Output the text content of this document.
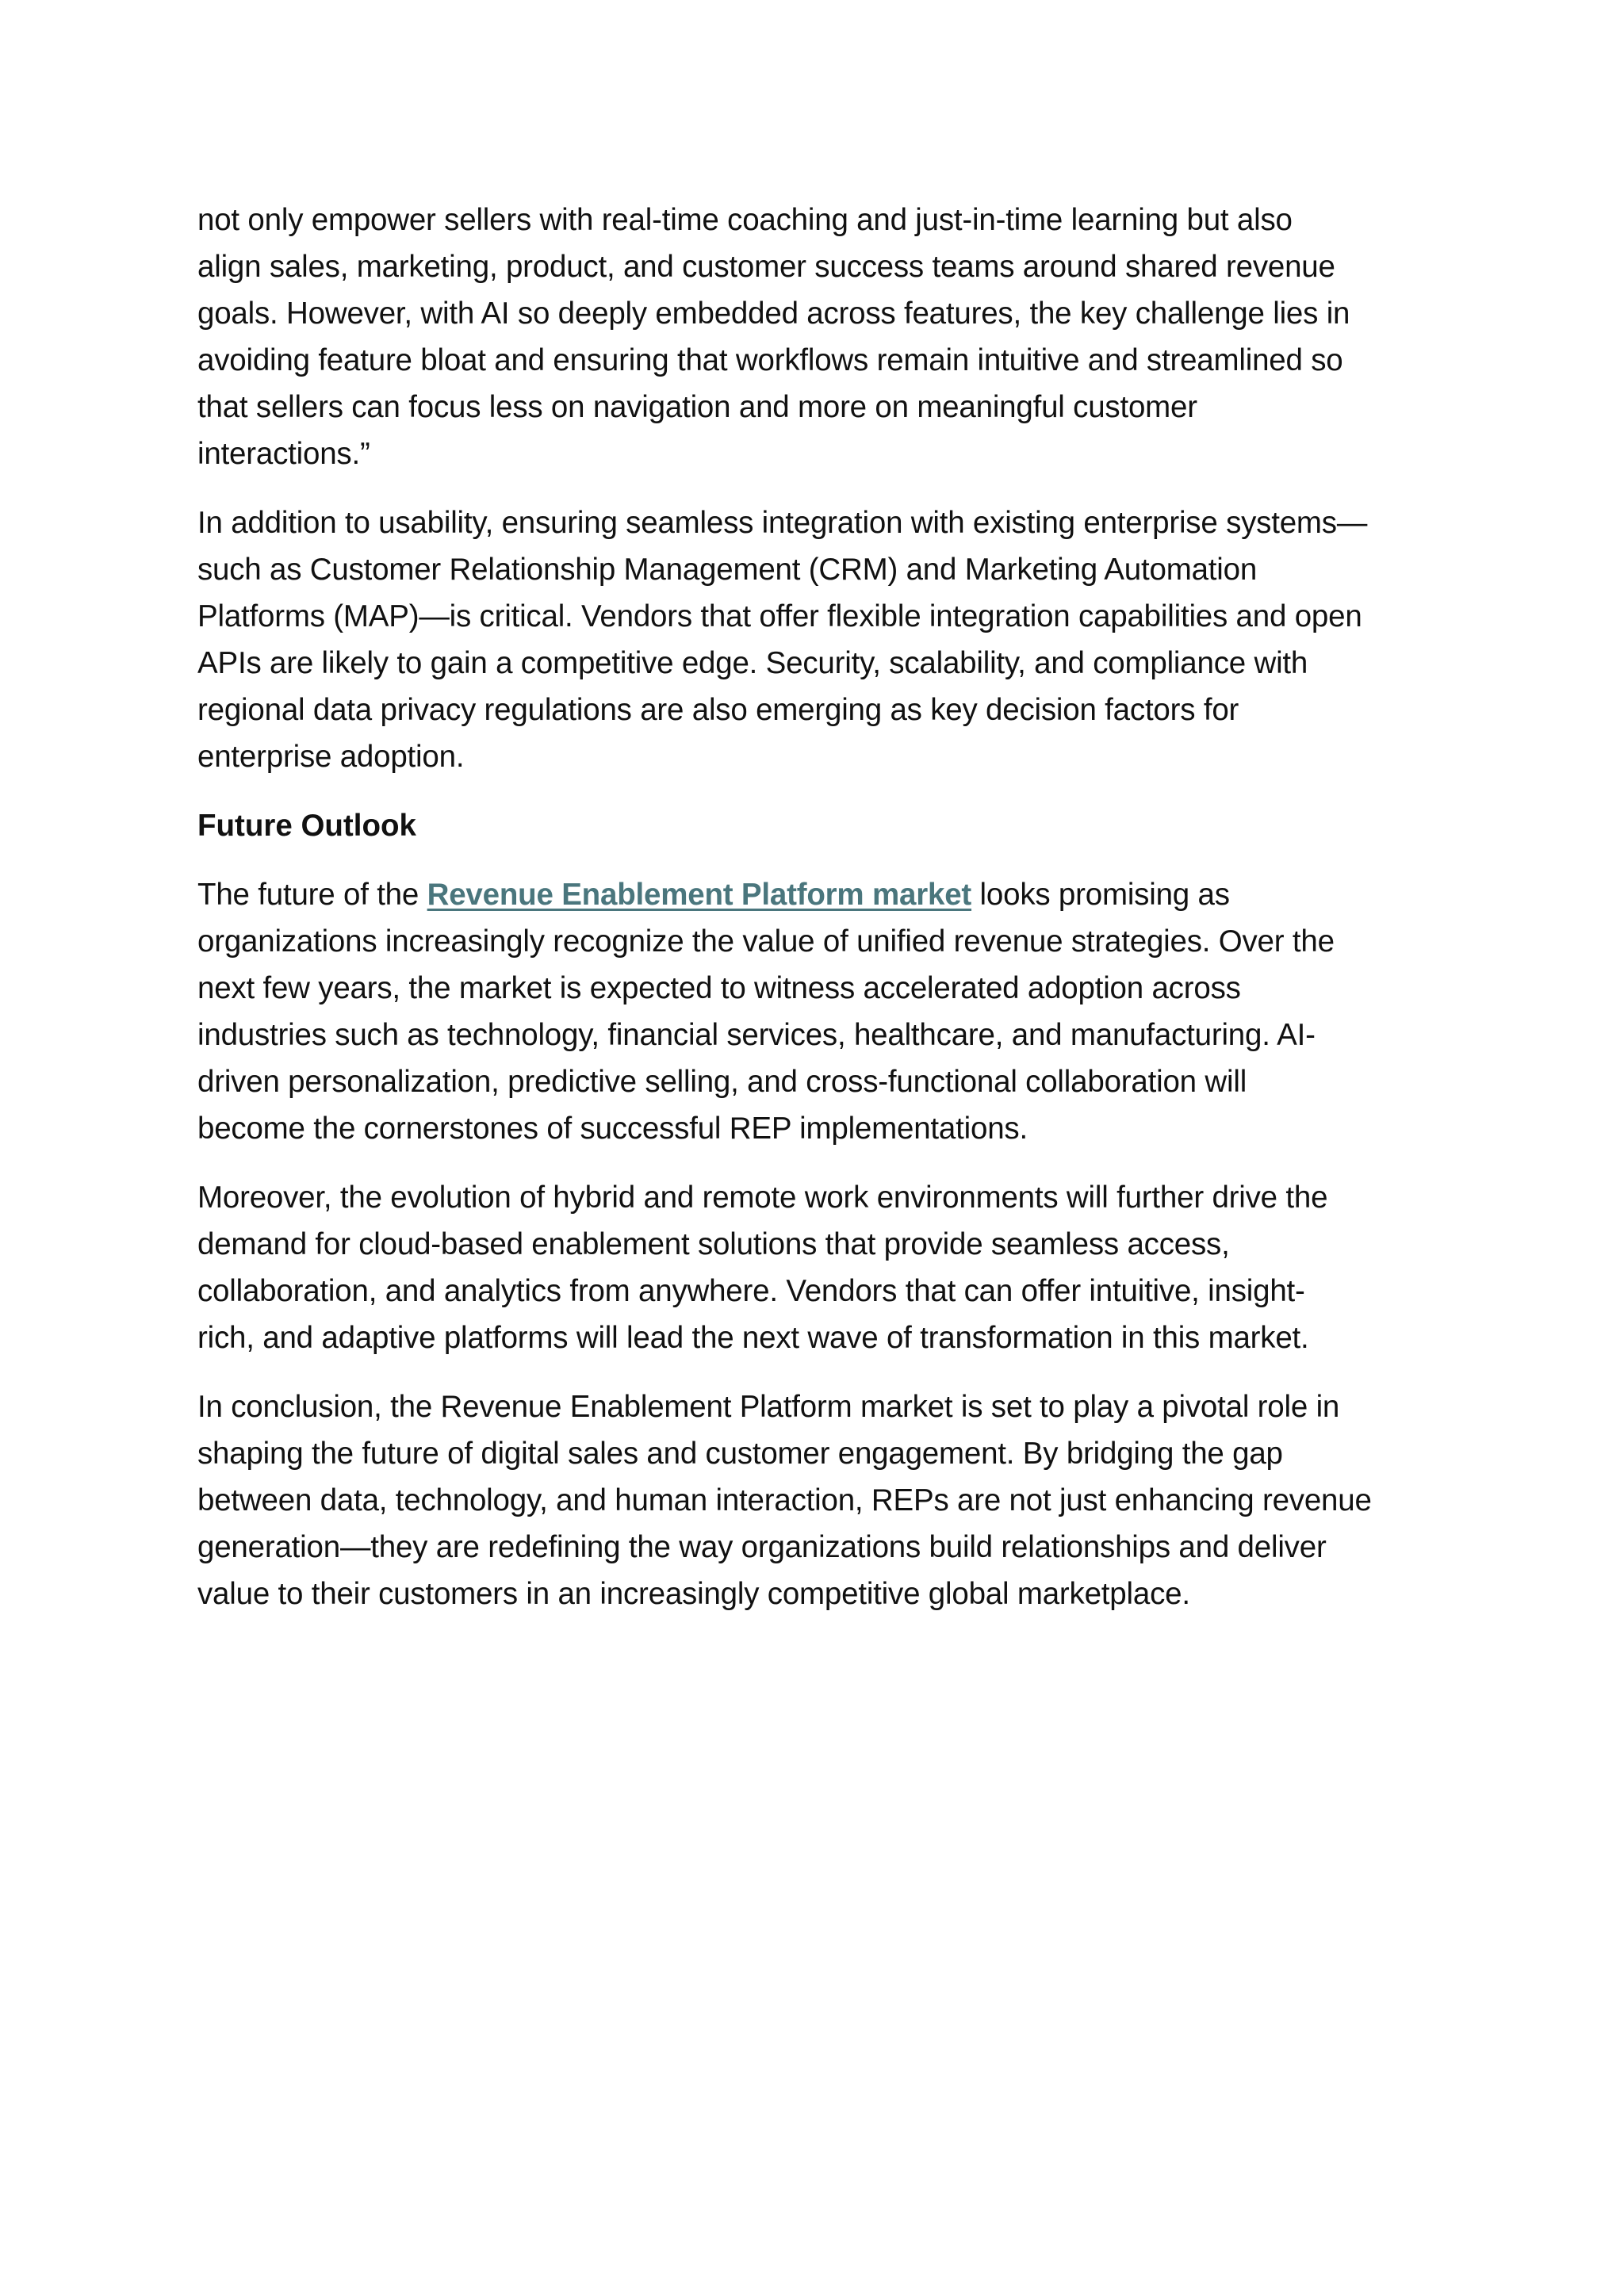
not only empower sellers with real-time coaching and just-in-time learning but also
align sales, marketing, product, and customer success teams around shared revenue
goals. However, with AI so deeply embedded across features, the key challenge lies in
avoiding feature bloat and ensuring that workflows remain intuitive and streamlined so
that sellers can focus less on navigation and more on meaningful customer
interactions.”

In addition to usability, ensuring seamless integration with existing enterprise systems—
such as Customer Relationship Management (CRM) and Marketing Automation
Platforms (MAP)—is critical. Vendors that offer flexible integration capabilities and open
APIs are likely to gain a competitive edge. Security, scalability, and compliance with
regional data privacy regulations are also emerging as key decision factors for
enterprise adoption.

Future Outlook

The future of the Revenue Enablement Platform market looks promising as
organizations increasingly recognize the value of unified revenue strategies. Over the
next few years, the market is expected to witness accelerated adoption across
industries such as technology, financial services, healthcare, and manufacturing. AI-
driven personalization, predictive selling, and cross-functional collaboration will
become the cornerstones of successful REP implementations.

Moreover, the evolution of hybrid and remote work environments will further drive the
demand for cloud-based enablement solutions that provide seamless access,
collaboration, and analytics from anywhere. Vendors that can offer intuitive, insight-
rich, and adaptive platforms will lead the next wave of transformation in this market.

In conclusion, the Revenue Enablement Platform market is set to play a pivotal role in
shaping the future of digital sales and customer engagement. By bridging the gap
between data, technology, and human interaction, REPs are not just enhancing revenue
generation—they are redefining the way organizations build relationships and deliver
value to their customers in an increasingly competitive global marketplace.
